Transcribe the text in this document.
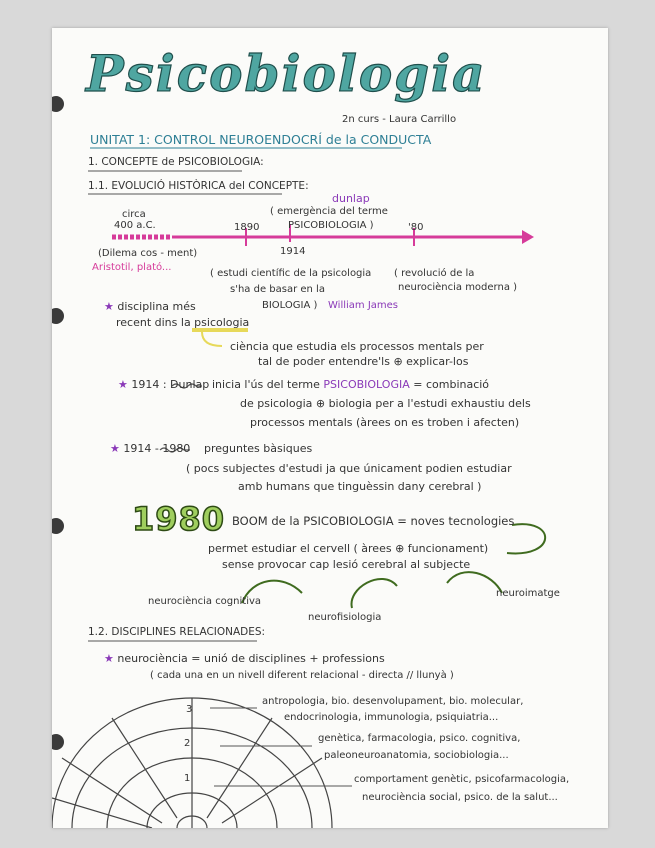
Psicobiologia
2n curs - Laura Carrillo
UNITAT 1: CONTROL NEUROENDOCRÍ de la CONDUCTA
1. CONCEPTE de PSICOBIOLOGIA:
1.1. EVOLUCIÓ HISTÒRICA del CONCEPTE:
dunlap
( emergència del terme
PSICOBIOLOGIA )
circa
400 a.C.	1890
1914
'80
(Dilema cos - ment)
Aristotil, plató...
( estudi científic de la psicologia
s'ha de basar en la
BIOLOGIA ) William James
( revolució de la
neurociència moderna )
★ disciplina més
recent dins la psicologia
ciència que estudia els processos mentals per
tal de poder entendre'ls ⊕ explicar-los
★ 1914 : Dunlap inicia l'ús del terme PSICOBIOLOGIA = combinació
de psicologia ⊕ biologia per a l'estudi exhaustiu dels
processos mentals (àrees on es troben i afecten)
★ 1914 - 1980 preguntes bàsiques
( pocs subjectes d'estudi ja que únicament podien estudiar
amb humans que tinguèssin dany cerebral )
1980 BOOM de la PSICOBIOLOGIA = noves tecnologies
permet estudiar el cervell ( àrees ⊕ funcionament)
sense provocar cap lesió cerebral al subjecte
neurociència cognitiva
neurofisiologia
neuroimatge
1.2. DISCIPLINES RELACIONADES:
★ neurociència = unió de disciplines + professions
( cada una en un nivell diferent relacional - directa // llunyà )
3
2
1
antropologia, bio. desenvolupament, bio. molecular,
endocrinologia, immunologia, psiquiatria...
genètica, farmacologia, psico. cognitiva,
paleoneuroanatomia, sociobiologia...
comportament genètic, psicofarmacologia,
neurociència social, psico. de la salut...
